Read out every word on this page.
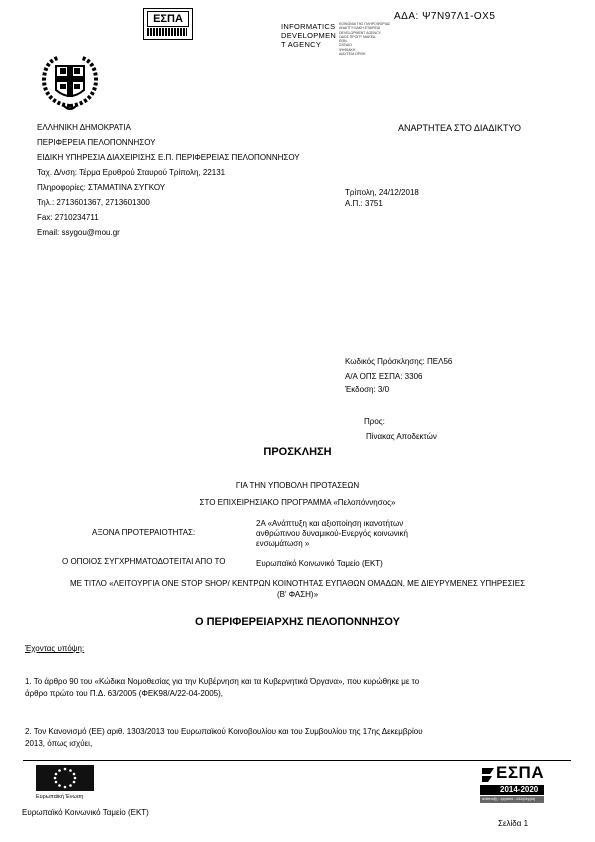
ΕΣΠΑ
INFORMATICS
DEVELOPMEN
T AGENCY
ΚΟΙΝΩΝΙΑ ΤΗΣ ΠΛΗΡΟΦΟΡΙΑΣ
ΑΝΑΠΤΥΞΙΑΚΗ ΕΤΑΙΡΕΙΑ
DEVELOPMENT AGENCY
ΟΔΟΣ ΠΡΟΓΡ. ΜΑΚΕΔ.
ΕΘΝ.
ΣΧΕΔΙΟ
ΨΗΦΙΑΚΗ
ΔΙΑΥΓΕΙΑ ΟΡΘΗ
ΑΔΑ: Ψ7Ν97Λ1-ΟΧ5
ΕΛΛΗΝΙΚΗ ΔΗΜΟΚΡΑΤΙΑ
ΠΕΡΙΦΕΡΕΙΑ ΠΕΛΟΠΟΝΝΗΣΟΥ
ΕΙΔΙΚΗ ΥΠΗΡΕΣΙΑ ΔΙΑΧΕΙΡΙΣΗΣ Ε.Π. ΠΕΡΙΦΕΡΕΙΑΣ ΠΕΛΟΠΟΝΝΗΣΟΥ
Ταχ. Δ/νση: Τέρμα Ερυθρού Σταυρού Τρίπολη, 22131
Πληροφορίες: ΣΤΑΜΑΤΙΝΑ ΣΥΓΚΟΥ
Τηλ.: 2713601367, 2713601300
Fax: 2710234711
Email: ssygou@mou.gr
ΑΝΑΡΤΗΤΕΑ ΣΤΟ ΔΙΑΔΙΚΤΥΟ
Τρίπολη, 24/12/2018
Α.Π.: 3751
Κωδικός Πρόσκλησης: ΠΕΛ56
Α/Α ΟΠΣ ΕΣΠΑ: 3306
Έκδοση: 3/0
Προς:
Πίνακας Αποδεκτών
ΠΡΟΣΚΛΗΣΗ
ΓΙΑ ΤΗΝ ΥΠΟΒΟΛΗ ΠΡΟΤΑΣΕΩΝ
ΣΤΟ ΕΠΙΧΕΙΡΗΣΙΑΚΟ ΠΡΟΓΡΑΜΜΑ «Πελοπόννησος»
ΑΞΟΝΑ ΠΡΟΤΕΡΑΙΟΤΗΤΑΣ:
2Α «Ανάπτυξη και αξιοποίηση ικανοτήτων
ανθρώπινου δυναμικού-Ενεργός κοινωνική
ενσωμάτωση »
Ο ΟΠΟΙΟΣ ΣΥΓΧΡΗΜΑΤΟΔΟΤΕΙΤΑΙ ΑΠΟ ΤΟ	Ευρωπαϊκό Κοινωνικό Ταμείο (ΕΚΤ)
ΜΕ ΤΙΤΛΟ «ΛΕΙΤΟΥΡΓΙΑ ONE STOP SHOP/ ΚΕΝΤΡΩΝ ΚΟΙΝΟΤΗΤΑΣ ΕΥΠΑΘΩΝ ΟΜΑΔΩΝ, ΜΕ ΔΙΕΥΡΥΜΕΝΕΣ ΥΠΗΡΕΣΙΕΣ
(Β' ΦΑΣΗ)»
Ο ΠΕΡΙΦΕΡΕΙΑΡΧΗΣ ΠΕΛΟΠΟΝΝΗΣΟΥ
Έχοντας υπόψη:
1. Το άρθρο 90 του «Κώδικα Νομοθεσίας για την Κυβέρνηση και τα Κυβερνητικά Όργανα», που κυρώθηκε με το
άρθρο πρώτο του Π.Δ. 63/2005 (ΦΕΚ98/Α/22-04-2005),
2. Τον Κανονισμό (ΕΕ) αριθ. 1303/2013 του Ευρωπαϊκού Κοινοβουλίου και του Συμβουλίου της 17ης Δεκεμβρίου
2013, όπως ισχύει,
Ευρωπαϊκή Ένωση
Ευρωπαϊκό Κοινωνικό Ταμείο (ΕΚΤ)
ΕΣΠΑ
2014-2020
ανάπτυξη - εργασία - αλληλεγγύη
Σελίδα 1
